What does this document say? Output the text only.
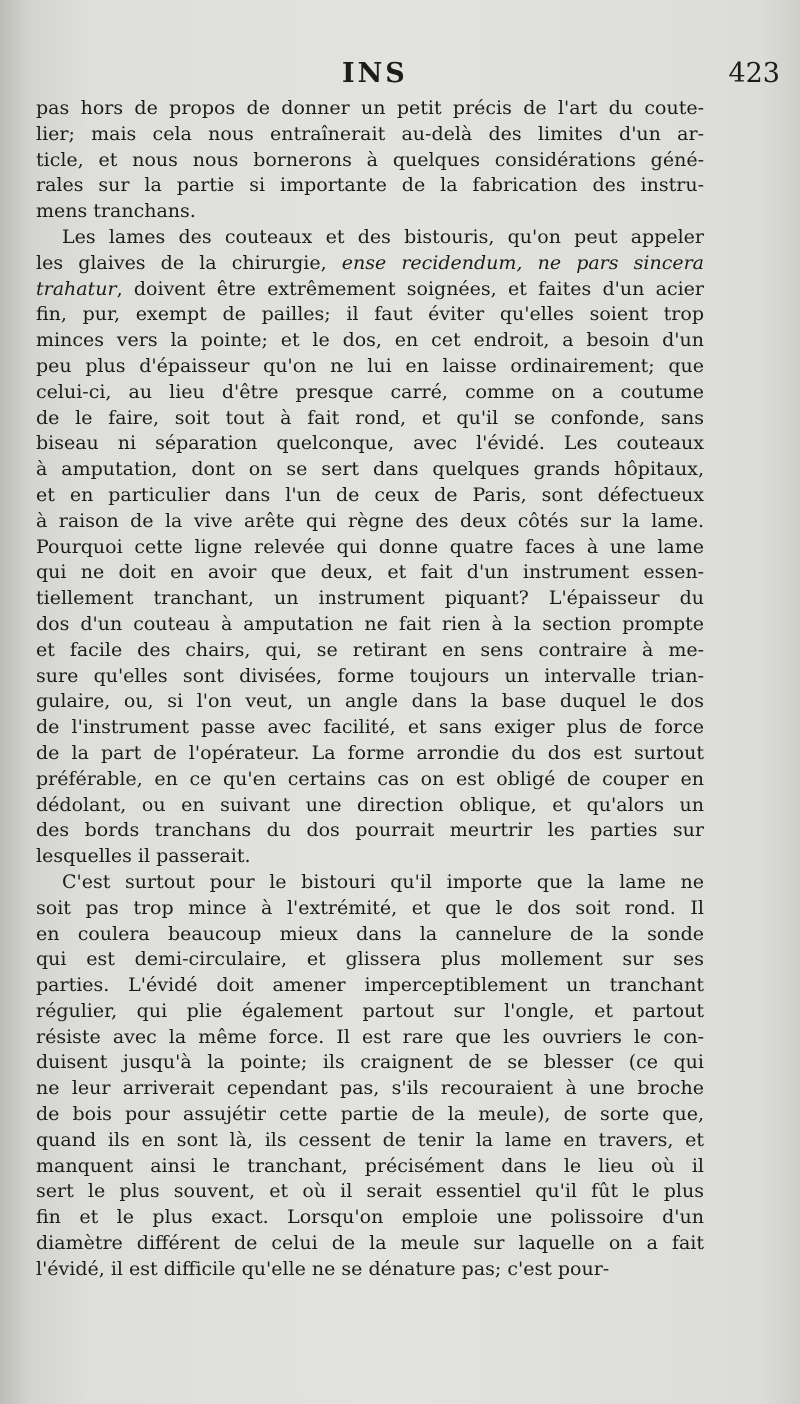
INS	423
pas hors de propos de donner un petit précis de l'art du coute-
lier; mais cela nous entraînerait au-delà des limites d'un ar-
ticle, et nous nous bornerons à quelques considérations géné-
rales sur la partie si importante de la fabrication des instru-
mens tranchans.
Les lames des couteaux et des bistouris, qu'on peut appeler
les glaives de la chirurgie, ense recidendum, ne pars sincera
trahatur, doivent être extrêmement soignées, et faites d'un acier
fin, pur, exempt de pailles; il faut éviter qu'elles soient trop
minces vers la pointe; et le dos, en cet endroit, a besoin d'un
peu plus d'épaisseur qu'on ne lui en laisse ordinairement; que
celui-ci, au lieu d'être presque carré, comme on a coutume
de le faire, soit tout à fait rond, et qu'il se confonde, sans
biseau ni séparation quelconque, avec l'évidé. Les couteaux
à amputation, dont on se sert dans quelques grands hôpitaux,
et en particulier dans l'un de ceux de Paris, sont défectueux
à raison de la vive arête qui règne des deux côtés sur la lame.
Pourquoi cette ligne relevée qui donne quatre faces à une lame
qui ne doit en avoir que deux, et fait d'un instrument essen-
tiellement tranchant, un instrument piquant? L'épaisseur du
dos d'un couteau à amputation ne fait rien à la section prompte
et facile des chairs, qui, se retirant en sens contraire à me-
sure qu'elles sont divisées, forme toujours un intervalle trian-
gulaire, ou, si l'on veut, un angle dans la base duquel le dos
de l'instrument passe avec facilité, et sans exiger plus de force
de la part de l'opérateur. La forme arrondie du dos est surtout
préférable, en ce qu'en certains cas on est obligé de couper en
dédolant, ou en suivant une direction oblique, et qu'alors un
des bords tranchans du dos pourrait meurtrir les parties sur
lesquelles il passerait.
C'est surtout pour le bistouri qu'il importe que la lame ne
soit pas trop mince à l'extrémité, et que le dos soit rond. Il
en coulera beaucoup mieux dans la cannelure de la sonde
qui est demi-circulaire, et glissera plus mollement sur ses
parties. L'évidé doit amener imperceptiblement un tranchant
régulier, qui plie également partout sur l'ongle, et partout
résiste avec la même force. Il est rare que les ouvriers le con-
duisent jusqu'à la pointe; ils craignent de se blesser (ce qui
ne leur arriverait cependant pas, s'ils recouraient à une broche
de bois pour assujétir cette partie de la meule), de sorte que,
quand ils en sont là, ils cessent de tenir la lame en travers, et
manquent ainsi le tranchant, précisément dans le lieu où il
sert le plus souvent, et où il serait essentiel qu'il fût le plus
fin et le plus exact. Lorsqu'on emploie une polissoire d'un
diamètre différent de celui de la meule sur laquelle on a fait
l'évidé, il est difficile qu'elle ne se dénature pas; c'est pour-
